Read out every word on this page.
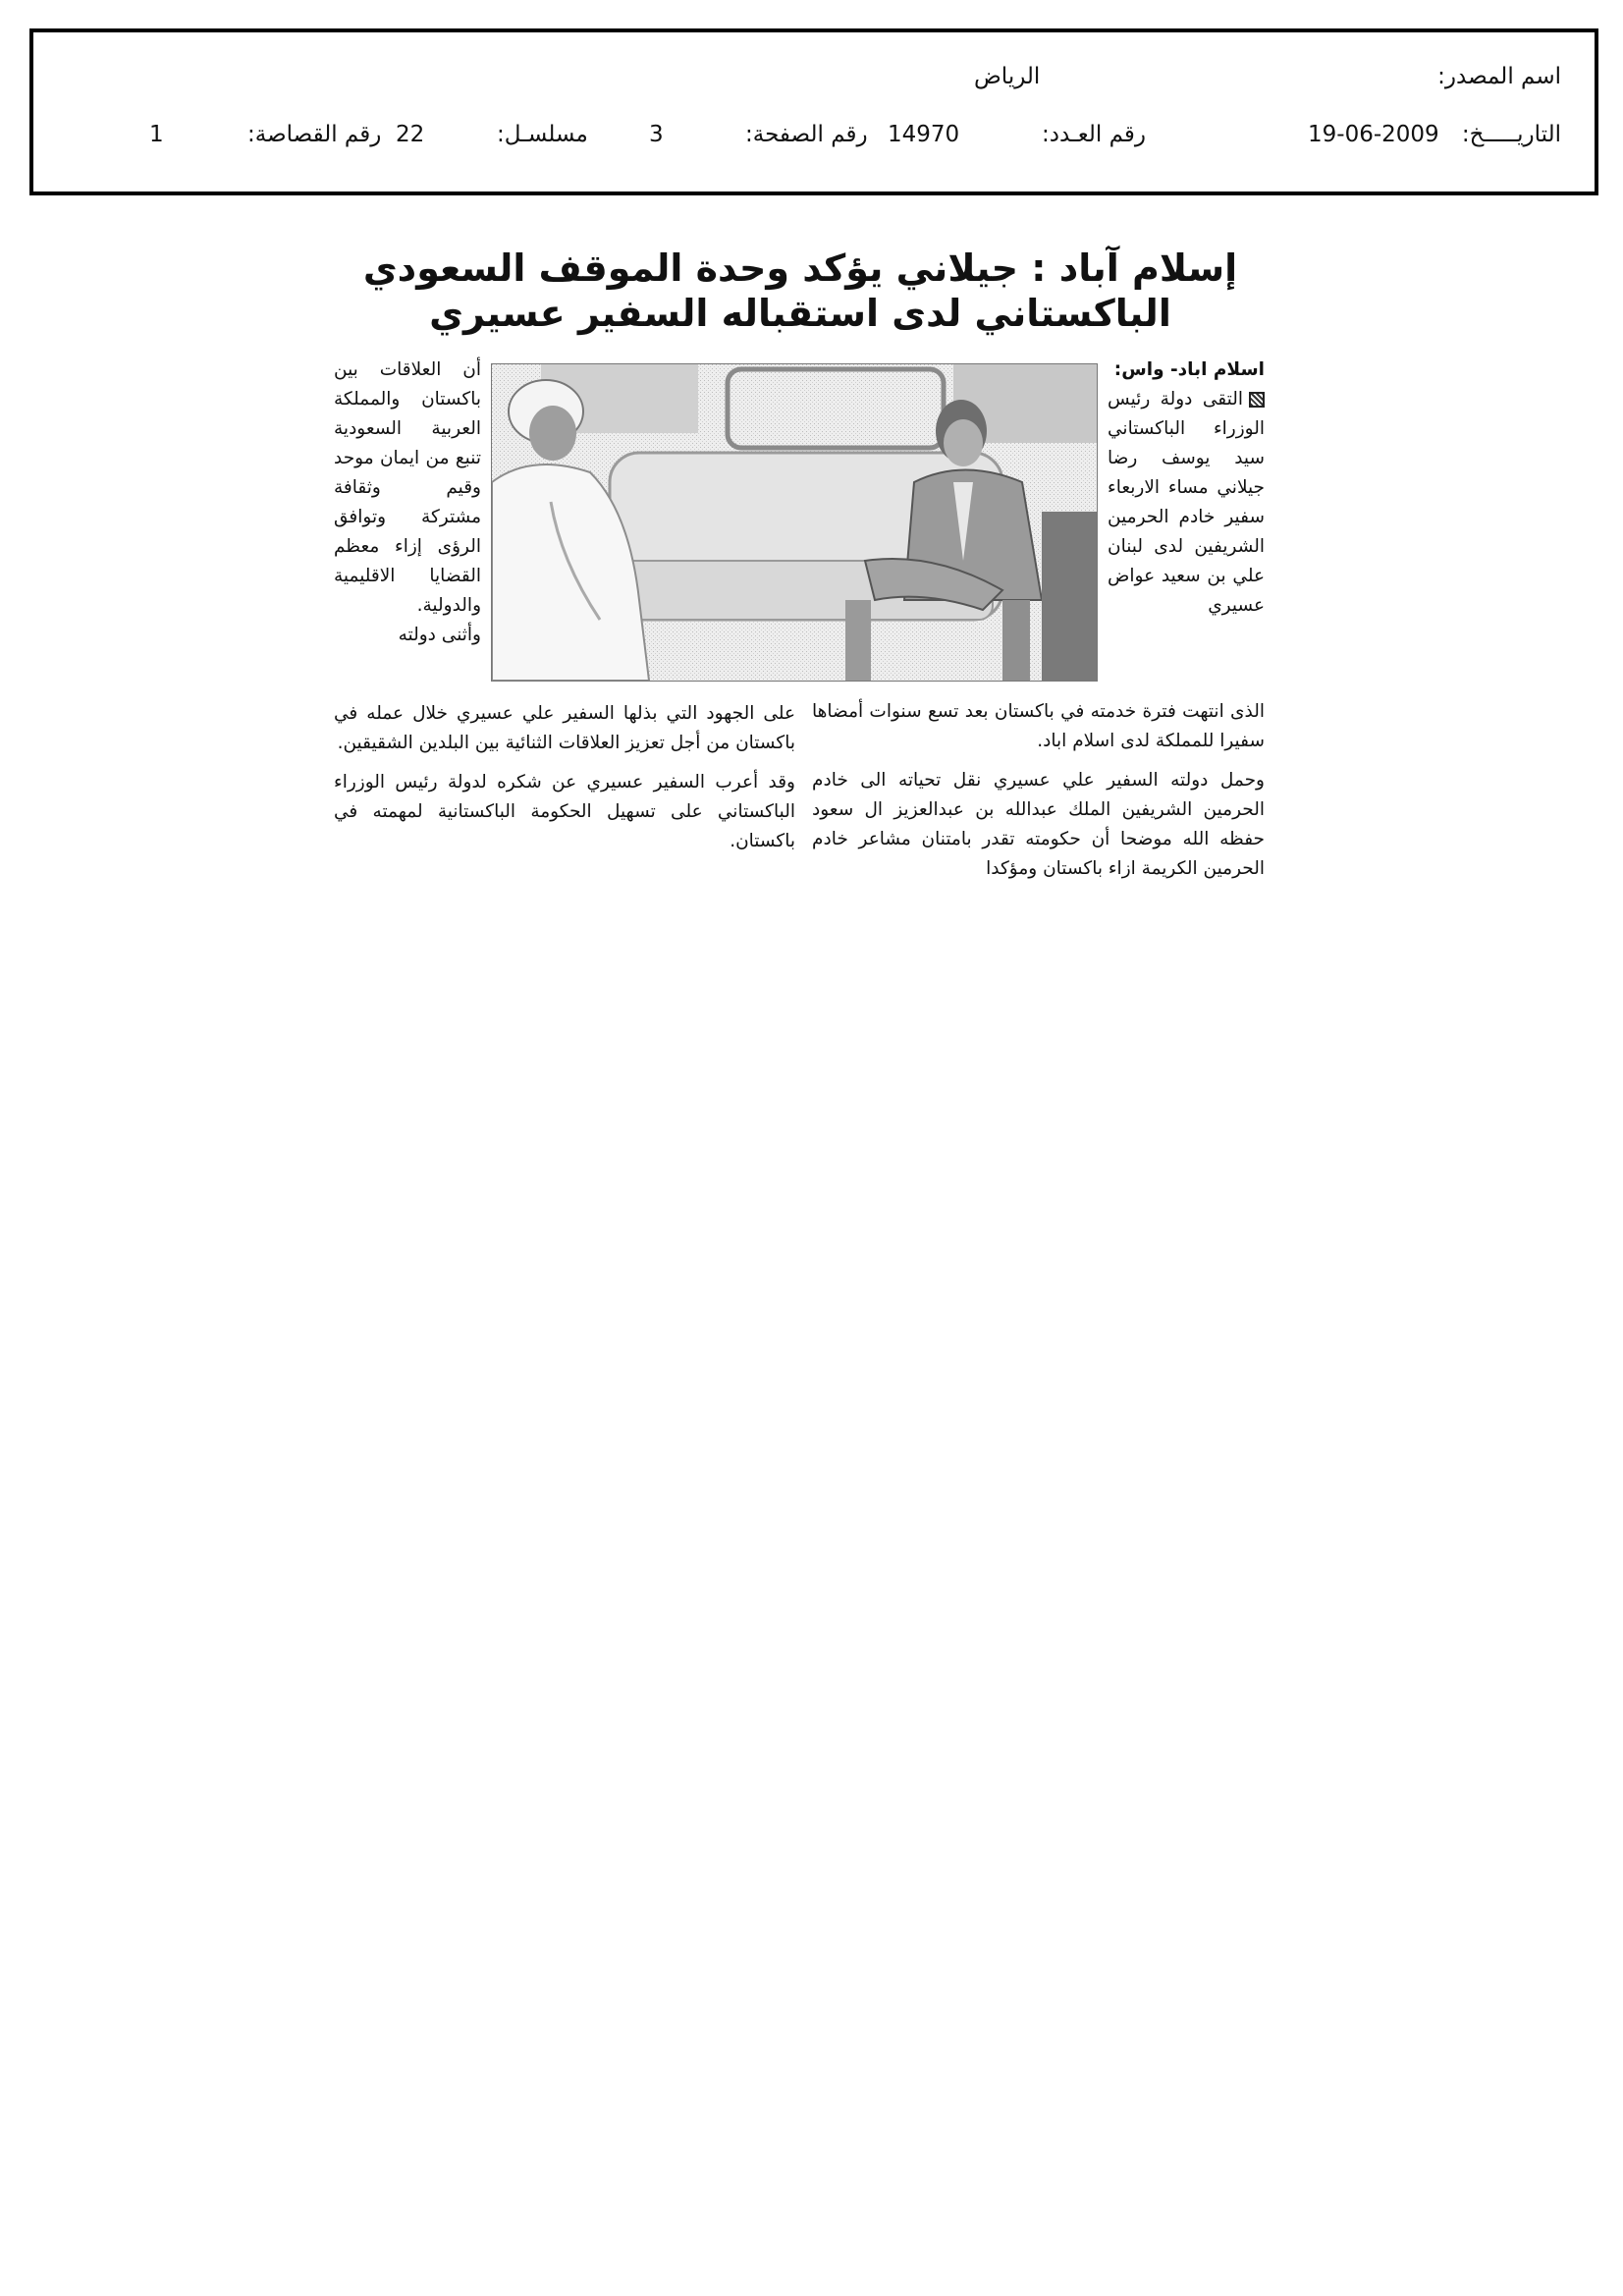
اسم المصدر:
الرياض
التاريـــــخ:
19-06-2009
رقم العـدد:
14970
رقم الصفحة:
3
مسلسـل:
22
رقم القصاصة:
1
إسلام آباد : جيلاني يؤكد وحدة الموقف السعودي الباكستاني لدى استقباله السفير عسيري

اسلام اباد- واس:

التقى دولة رئيس الوزراء الباكستاني سيد يوسف رضا جيلاني مساء الاربعاء سفير خادم الحرمين الشريفين لدى لبنان علي بن سعيد عواض عسيري

أن العلاقات بين باكستان والمملكة العربية السعودية تنبع من ايمان موحد وقيم وثقافة مشتركة وتوافق الرؤى إزاء معظم القضايا الاقليمية والدولية.

وأثنى دولته

الذى انتهت فترة خدمته في باكستان بعد تسع سنوات أمضاها سفيرا للمملكة لدى اسلام اباد.

وحمل دولته السفير علي عسيري نقل تحياته الى خادم الحرمين الشريفين الملك عبدالله بن عبدالعزيز ال سعود حفظه الله موضحا أن حكومته تقدر بامتنان مشاعر خادم الحرمين الكريمة ازاء باكستان ومؤكدا

على الجهود التي بذلها السفير علي عسيري خلال عمله في باكستان من أجل تعزيز العلاقات الثنائية بين البلدين الشقيقين.

وقد أعرب السفير عسيري عن شكره لدولة رئيس الوزراء الباكستاني على تسهيل الحكومة الباكستانية لمهمته في باكستان.
